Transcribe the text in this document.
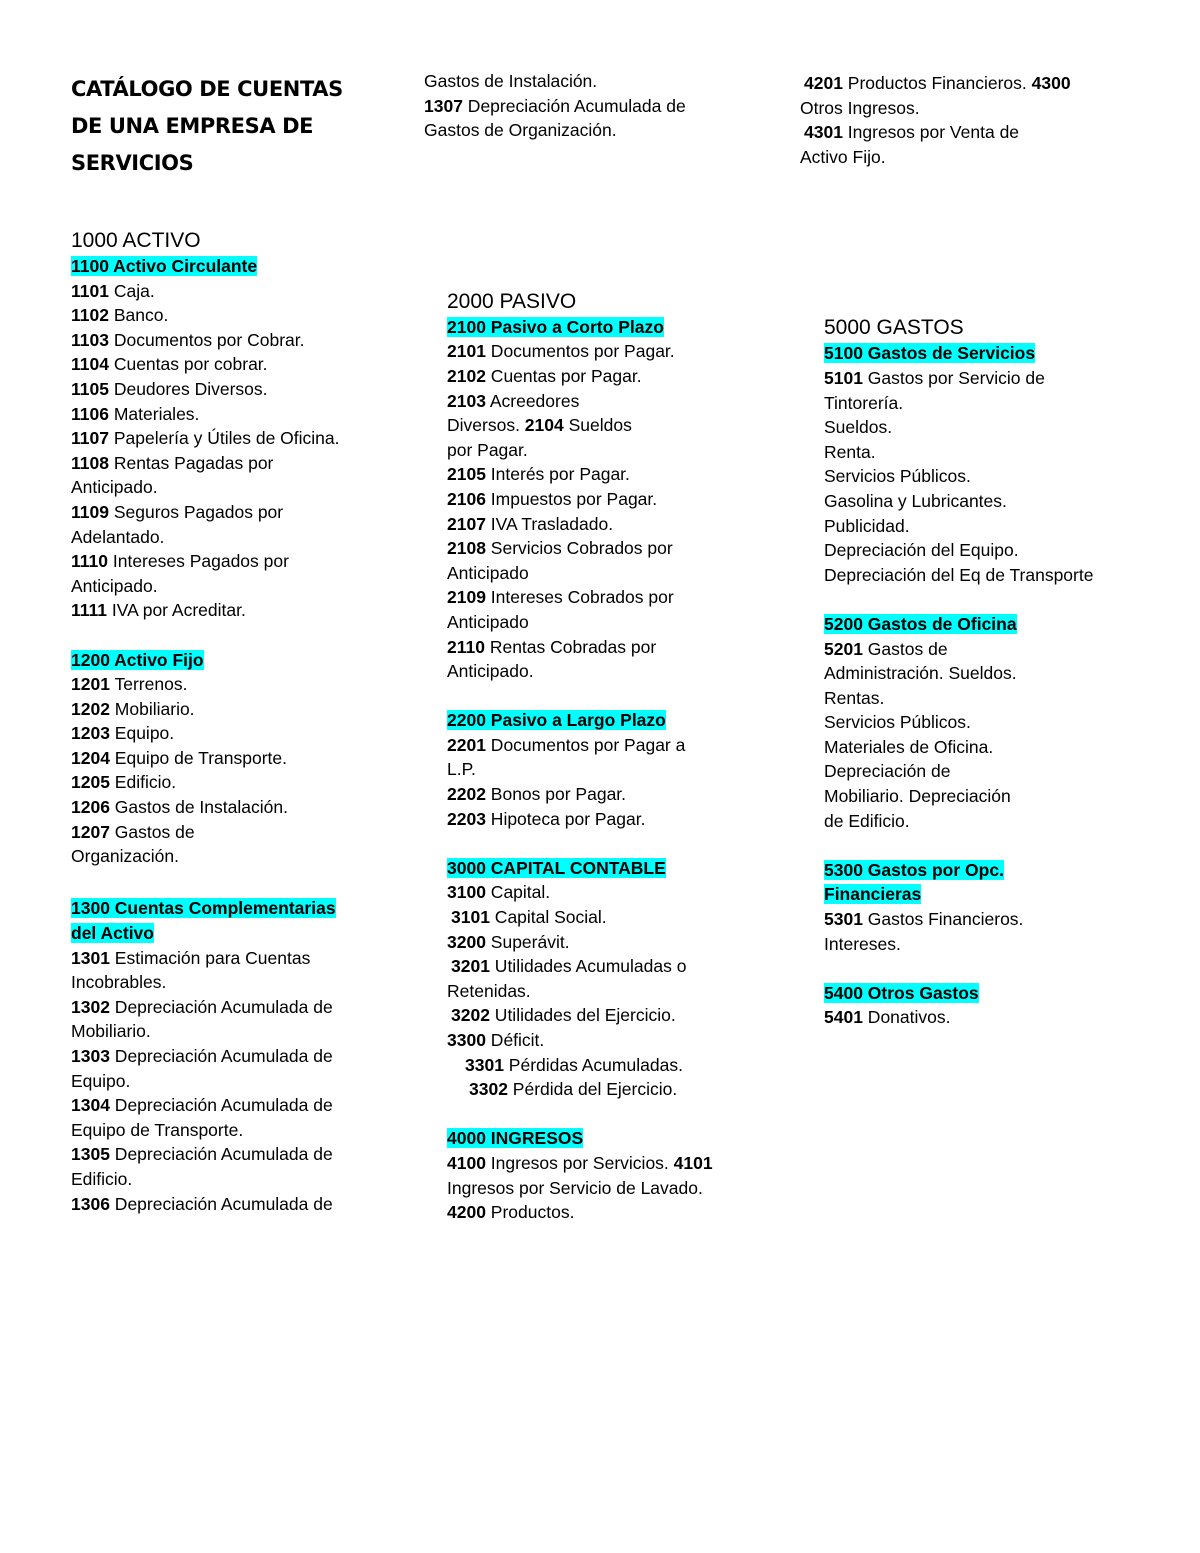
CATÁLOGO DE CUENTAS DE UNA EMPRESA DE SERVICIOS
1000 ACTIVO
1100 Activo Circulante
1101 Caja.
1102 Banco.
1103 Documentos por Cobrar.
1104 Cuentas por cobrar.
1105 Deudores Diversos.
1106 Materiales.
1107 Papelería y Útiles de Oficina.
1108 Rentas Pagadas por
Anticipado.
1109 Seguros Pagados por
Adelantado.
1110 Intereses Pagados por
Anticipado.
1111 IVA por Acreditar.
1200 Activo Fijo
1201 Terrenos.
1202 Mobiliario.
1203 Equipo.
1204 Equipo de Transporte.
1205 Edificio.
1206 Gastos de Instalación.
1207 Gastos de
Organización.
1300 Cuentas Complementarias
del Activo
1301 Estimación para Cuentas
Incobrables.
1302 Depreciación Acumulada de
Mobiliario.
1303 Depreciación Acumulada de
Equipo.
1304 Depreciación Acumulada de
Equipo de Transporte.
1305 Depreciación Acumulada de
Edificio.
1306 Depreciación Acumulada de
Gastos de Instalación.
1307 Depreciación Acumulada de
Gastos de Organización.
2000 PASIVO
2100 Pasivo a Corto Plazo
2101 Documentos por Pagar.
2102 Cuentas por Pagar.
2103 Acreedores
Diversos. 2104 Sueldos
por Pagar.
2105 Interés por Pagar.
2106 Impuestos por Pagar.
2107 IVA Trasladado.
2108 Servicios Cobrados por
Anticipado
2109 Intereses Cobrados por
Anticipado
2110 Rentas Cobradas por
Anticipado.
2200 Pasivo a Largo Plazo
2201 Documentos por Pagar a
L.P.
2202 Bonos por Pagar.
2203 Hipoteca por Pagar.
3000 CAPITAL CONTABLE
3100 Capital.
3101 Capital Social.
3200 Superávit.
3201 Utilidades Acumuladas o
Retenidas.
3202 Utilidades del Ejercicio.
3300 Déficit.
3301 Pérdidas Acumuladas.
3302 Pérdida del Ejercicio.
4000 INGRESOS
4100 Ingresos por Servicios. 4101
Ingresos por Servicio de Lavado.
4200 Productos.
4201 Productos Financieros. 4300
Otros Ingresos.
4301 Ingresos por Venta de
Activo Fijo.
5000 GASTOS
5100 Gastos de Servicios
5101 Gastos por Servicio de
Tintorería.
Sueldos.
Renta.
Servicios Públicos.
Gasolina y Lubricantes.
Publicidad.
Depreciación del Equipo.
Depreciación del Eq de Transporte
5200 Gastos de Oficina
5201 Gastos de
Administración. Sueldos.
Rentas.
Servicios Públicos.
Materiales de Oficina.
Depreciación de
Mobiliario. Depreciación
de Edificio.
5300 Gastos por Opc.
Financieras
5301 Gastos Financieros.
Intereses.
5400 Otros Gastos
5401 Donativos.
